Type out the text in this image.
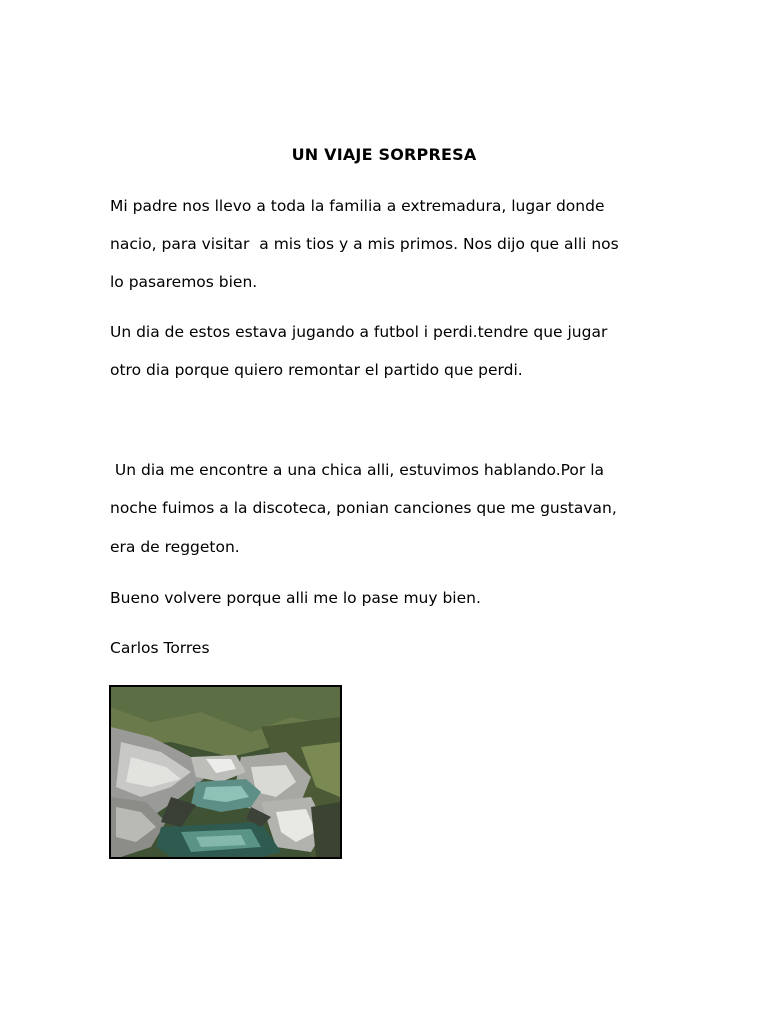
UN VIAJE SORPRESA
Mi padre nos llevo a toda la familia a extremadura, lugar donde
nacio, para visitar  a mis tios y a mis primos. Nos dijo que alli nos
lo pasaremos bien.
Un dia de estos estava jugando a futbol i perdi.tendre que jugar
otro dia porque quiero remontar el partido que perdi.
Un dia me encontre a una chica alli, estuvimos hablando.Por la
noche fuimos a la discoteca, ponian canciones que me gustavan,
era de reggeton.
Bueno volvere porque alli me lo pase muy bien.
Carlos Torres
